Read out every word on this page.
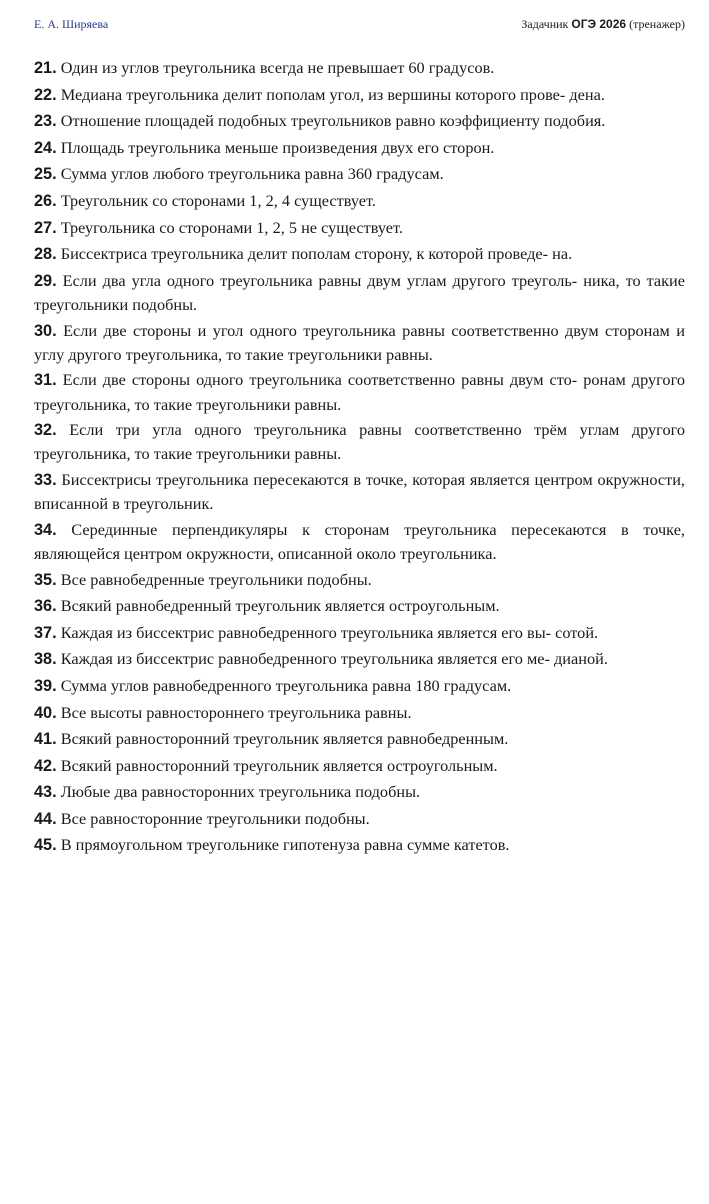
Е. А. Ширяева	Задачник ОГЭ 2026 (тренажер)

21. Один из углов треугольника всегда не превышает 60 градусов.

22. Медиана треугольника делит пополам угол, из вершины которого прове- дена.

23. Отношение площадей подобных треугольников равно коэффициенту подобия.

24. Площадь треугольника меньше произведения двух его сторон.

25. Сумма углов любого треугольника равна 360 градусам.

26. Треугольник со сторонами 1, 2, 4 существует.

27. Треугольника со сторонами 1, 2, 5 не существует.

28. Биссектриса треугольника делит пополам сторону, к которой проведе- на.

29. Если два угла одного треугольника равны двум углам другого треуголь- ника, то такие треугольники подобны.

30. Если две стороны и угол одного треугольника равны соответственно двум сторонам и углу другого треугольника, то такие треугольники равны.

31. Если две стороны одного треугольника соответственно равны двум сто- ронам другого треугольника, то такие треугольники равны.

32. Если три угла одного треугольника равны соответственно трём углам другого треугольника, то такие треугольники равны.

33. Биссектрисы треугольника пересекаются в точке, которая является центром окружности, вписанной в треугольник.

34. Серединные перпендикуляры к сторонам треугольника пересекаются в точке, являющейся центром окружности, описанной около треугольника.

35. Все равнобедренные треугольники подобны.

36. Всякий равнобедренный треугольник является остроугольным.

37. Каждая из биссектрис равнобедренного треугольника является его вы- сотой.

38. Каждая из биссектрис равнобедренного треугольника является его ме- дианой.

39. Сумма углов равнобедренного треугольника равна 180 градусам.

40. Все высоты равностороннего треугольника равны.

41. Всякий равносторонний треугольник является равнобедренным.

42. Всякий равносторонний треугольник является остроугольным.

43. Любые два равносторонних треугольника подобны.

44. Все равносторонние треугольники подобны.

45. В прямоугольном треугольнике гипотенуза равна сумме катетов.
